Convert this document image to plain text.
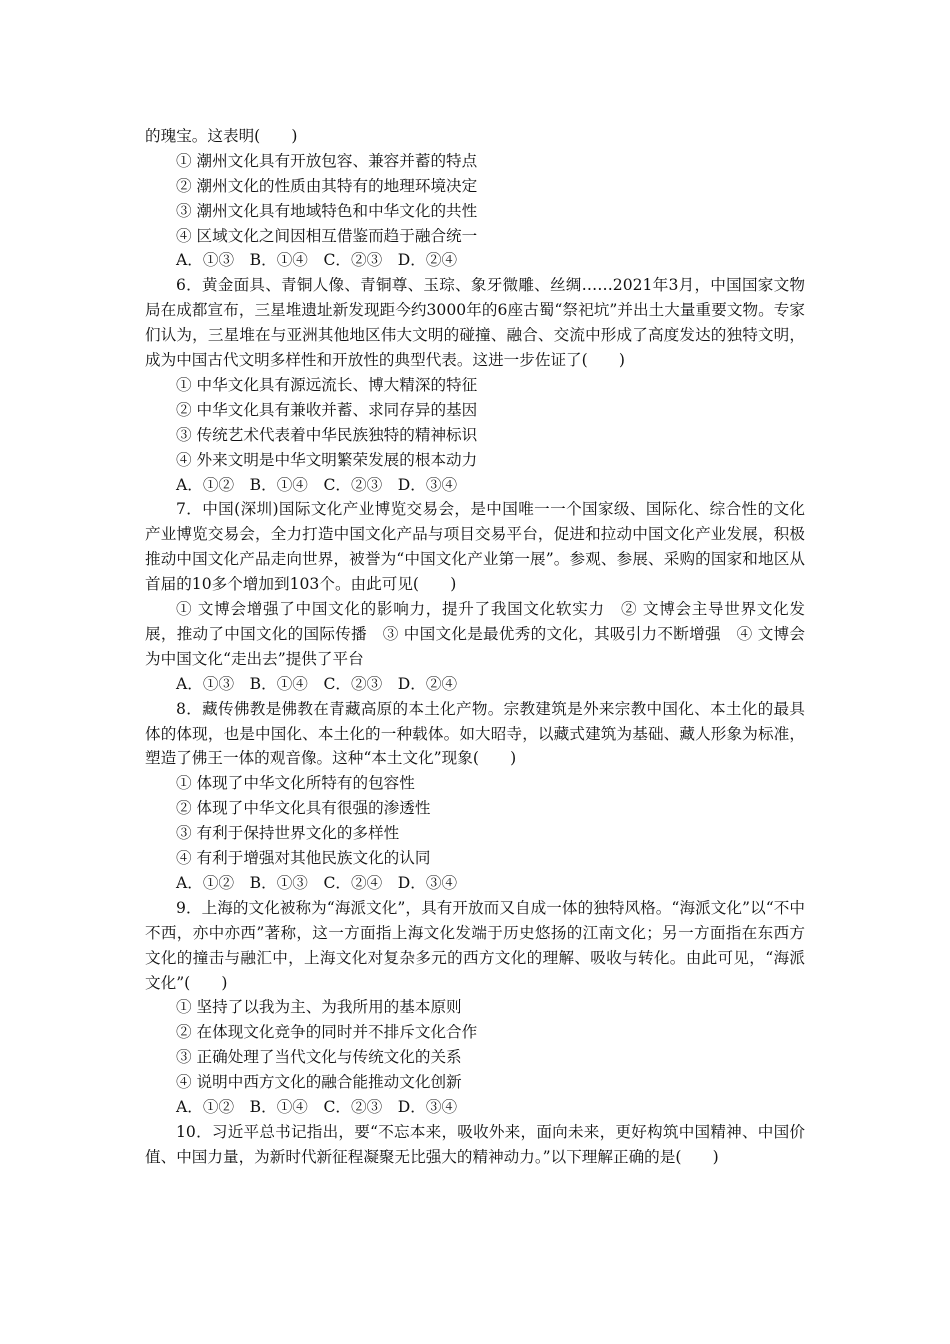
的瑰宝。这表明(　　)
① 潮州文化具有开放包容、兼容并蓄的特点
② 潮州文化的性质由其特有的地理环境决定
③ 潮州文化具有地域特色和中华文化的共性
④ 区域文化之间因相互借鉴而趋于融合统一
A．①③　B．①④　C．②③　D．②④
6．黄金面具、青铜人像、青铜尊、玉琮、象牙微雕、丝绸……2021年3月，中国国家文物局在成都宣布，三星堆遗址新发现距今约3000年的6座古蜀“祭祀坑”并出土大量重要文物。专家们认为，三星堆在与亚洲其他地区伟大文明的碰撞、融合、交流中形成了高度发达的独特文明，成为中国古代文明多样性和开放性的典型代表。这进一步佐证了(　　)
① 中华文化具有源远流长、博大精深的特征
② 中华文化具有兼收并蓄、求同存异的基因
③ 传统艺术代表着中华民族独特的精神标识
④ 外来文明是中华文明繁荣发展的根本动力
A．①②　B．①④　C．②③　D．③④
7．中国(深圳)国际文化产业博览交易会，是中国唯一一个国家级、国际化、综合性的文化产业博览交易会，全力打造中国文化产品与项目交易平台，促进和拉动中国文化产业发展，积极推动中国文化产品走向世界，被誉为“中国文化产业第一展”。参观、参展、采购的国家和地区从首届的10多个增加到103个。由此可见(　　)
① 文博会增强了中国文化的影响力，提升了我国文化软实力　② 文博会主导世界文化发展，推动了中国文化的国际传播　③ 中国文化是最优秀的文化，其吸引力不断增强　④ 文博会为中国文化“走出去”提供了平台
A．①③　B．①④　C．②③　D．②④
8．藏传佛教是佛教在青藏高原的本土化产物。宗教建筑是外来宗教中国化、本土化的最具体的体现，也是中国化、本土化的一种载体。如大昭寺，以藏式建筑为基础、藏人形象为标准，塑造了佛王一体的观音像。这种“本土文化”现象(　　)
① 体现了中华文化所特有的包容性
② 体现了中华文化具有很强的渗透性
③ 有利于保持世界文化的多样性
④ 有利于增强对其他民族文化的认同
A．①②　B．①③　C．②④　D．③④
9．上海的文化被称为“海派文化”，具有开放而又自成一体的独特风格。“海派文化”以“不中不西，亦中亦西”著称，这一方面指上海文化发端于历史悠扬的江南文化；另一方面指在东西方文化的撞击与融汇中，上海文化对复杂多元的西方文化的理解、吸收与转化。由此可见，“海派文化”(　　)
① 坚持了以我为主、为我所用的基本原则
② 在体现文化竞争的同时并不排斥文化合作
③ 正确处理了当代文化与传统文化的关系
④ 说明中西方文化的融合能推动文化创新
A．①②　B．①④　C．②③　D．③④
10．习近平总书记指出，要“不忘本来，吸收外来，面向未来，更好构筑中国精神、中国价值、中国力量，为新时代新征程凝聚无比强大的精神动力。”以下理解正确的是(　　)
